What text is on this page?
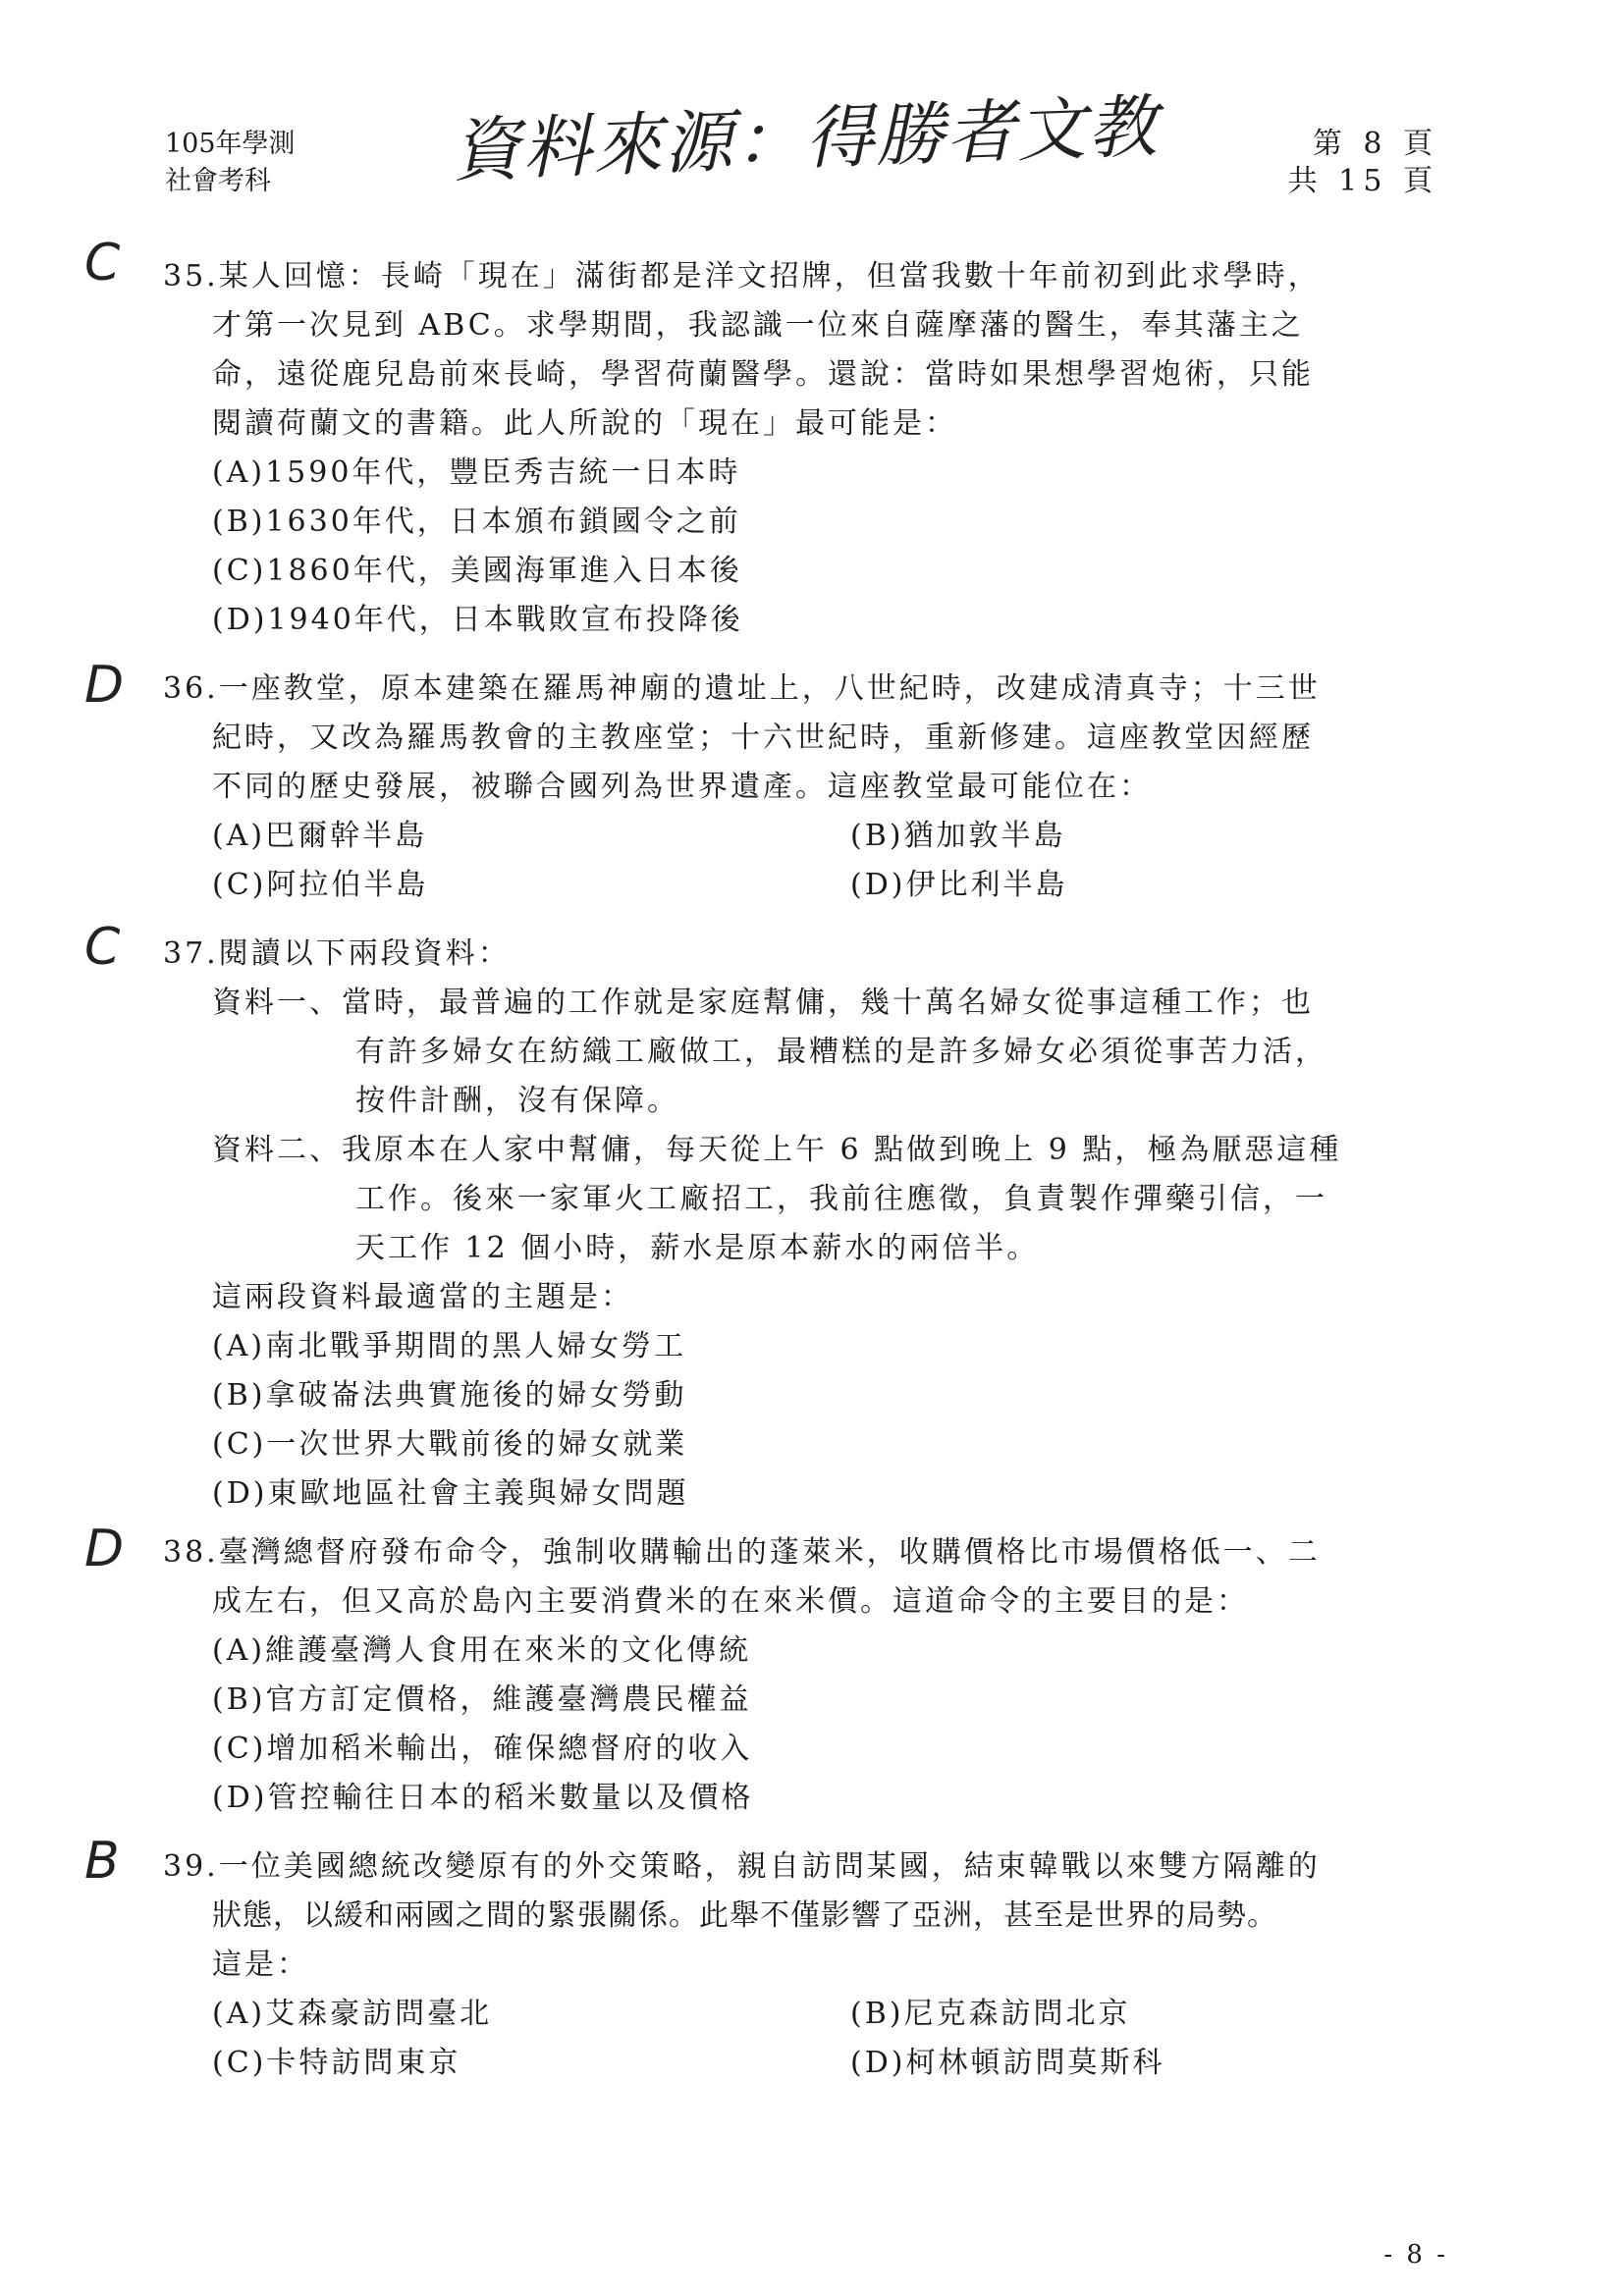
105年學測
社會考科	資料來源：得勝者文教	第 8 頁
共 15 頁
C 35.某人回憶：長崎「現在」滿街都是洋文招牌，但當我數十年前初到此求學時，
才第一次見到 ABC。求學期間，我認識一位來自薩摩藩的醫生，奉其藩主之
命，遠從鹿兒島前來長崎，學習荷蘭醫學。還說：當時如果想學習炮術，只能
閱讀荷蘭文的書籍。此人所說的「現在」最可能是：
(A)1590年代，豐臣秀吉統一日本時
(B)1630年代，日本頒布鎖國令之前
(C)1860年代，美國海軍進入日本後
(D)1940年代，日本戰敗宣布投降後
D 36.一座教堂，原本建築在羅馬神廟的遺址上，八世紀時，改建成清真寺；十三世
紀時，又改為羅馬教會的主教座堂；十六世紀時，重新修建。這座教堂因經歷
不同的歷史發展，被聯合國列為世界遺產。這座教堂最可能位在：
(A)巴爾幹半島	(B)猶加敦半島
(C)阿拉伯半島	(D)伊比利半島
C 37.閱讀以下兩段資料：
資料一、當時，最普遍的工作就是家庭幫傭，幾十萬名婦女從事這種工作；也
有許多婦女在紡織工廠做工，最糟糕的是許多婦女必須從事苦力活，
按件計酬，沒有保障。
資料二、我原本在人家中幫傭，每天從上午 6 點做到晚上 9 點，極為厭惡這種
工作。後來一家軍火工廠招工，我前往應徵，負責製作彈藥引信，一
天工作 12 個小時，薪水是原本薪水的兩倍半。
這兩段資料最適當的主題是：
(A)南北戰爭期間的黑人婦女勞工
(B)拿破崙法典實施後的婦女勞動
(C)一次世界大戰前後的婦女就業
(D)東歐地區社會主義與婦女問題
D 38.臺灣總督府發布命令，強制收購輸出的蓬萊米，收購價格比市場價格低一、二
成左右，但又高於島內主要消費米的在來米價。這道命令的主要目的是：
(A)維護臺灣人食用在來米的文化傳統
(B)官方訂定價格，維護臺灣農民權益
(C)增加稻米輸出，確保總督府的收入
(D)管控輸往日本的稻米數量以及價格
B 39.一位美國總統改變原有的外交策略，親自訪問某國，結束韓戰以來雙方隔離的
狀態，以緩和兩國之間的緊張關係。此舉不僅影響了亞洲，甚至是世界的局勢。
這是：
(A)艾森豪訪問臺北	(B)尼克森訪問北京
(C)卡特訪問東京	(D)柯林頓訪問莫斯科
- 8 -
